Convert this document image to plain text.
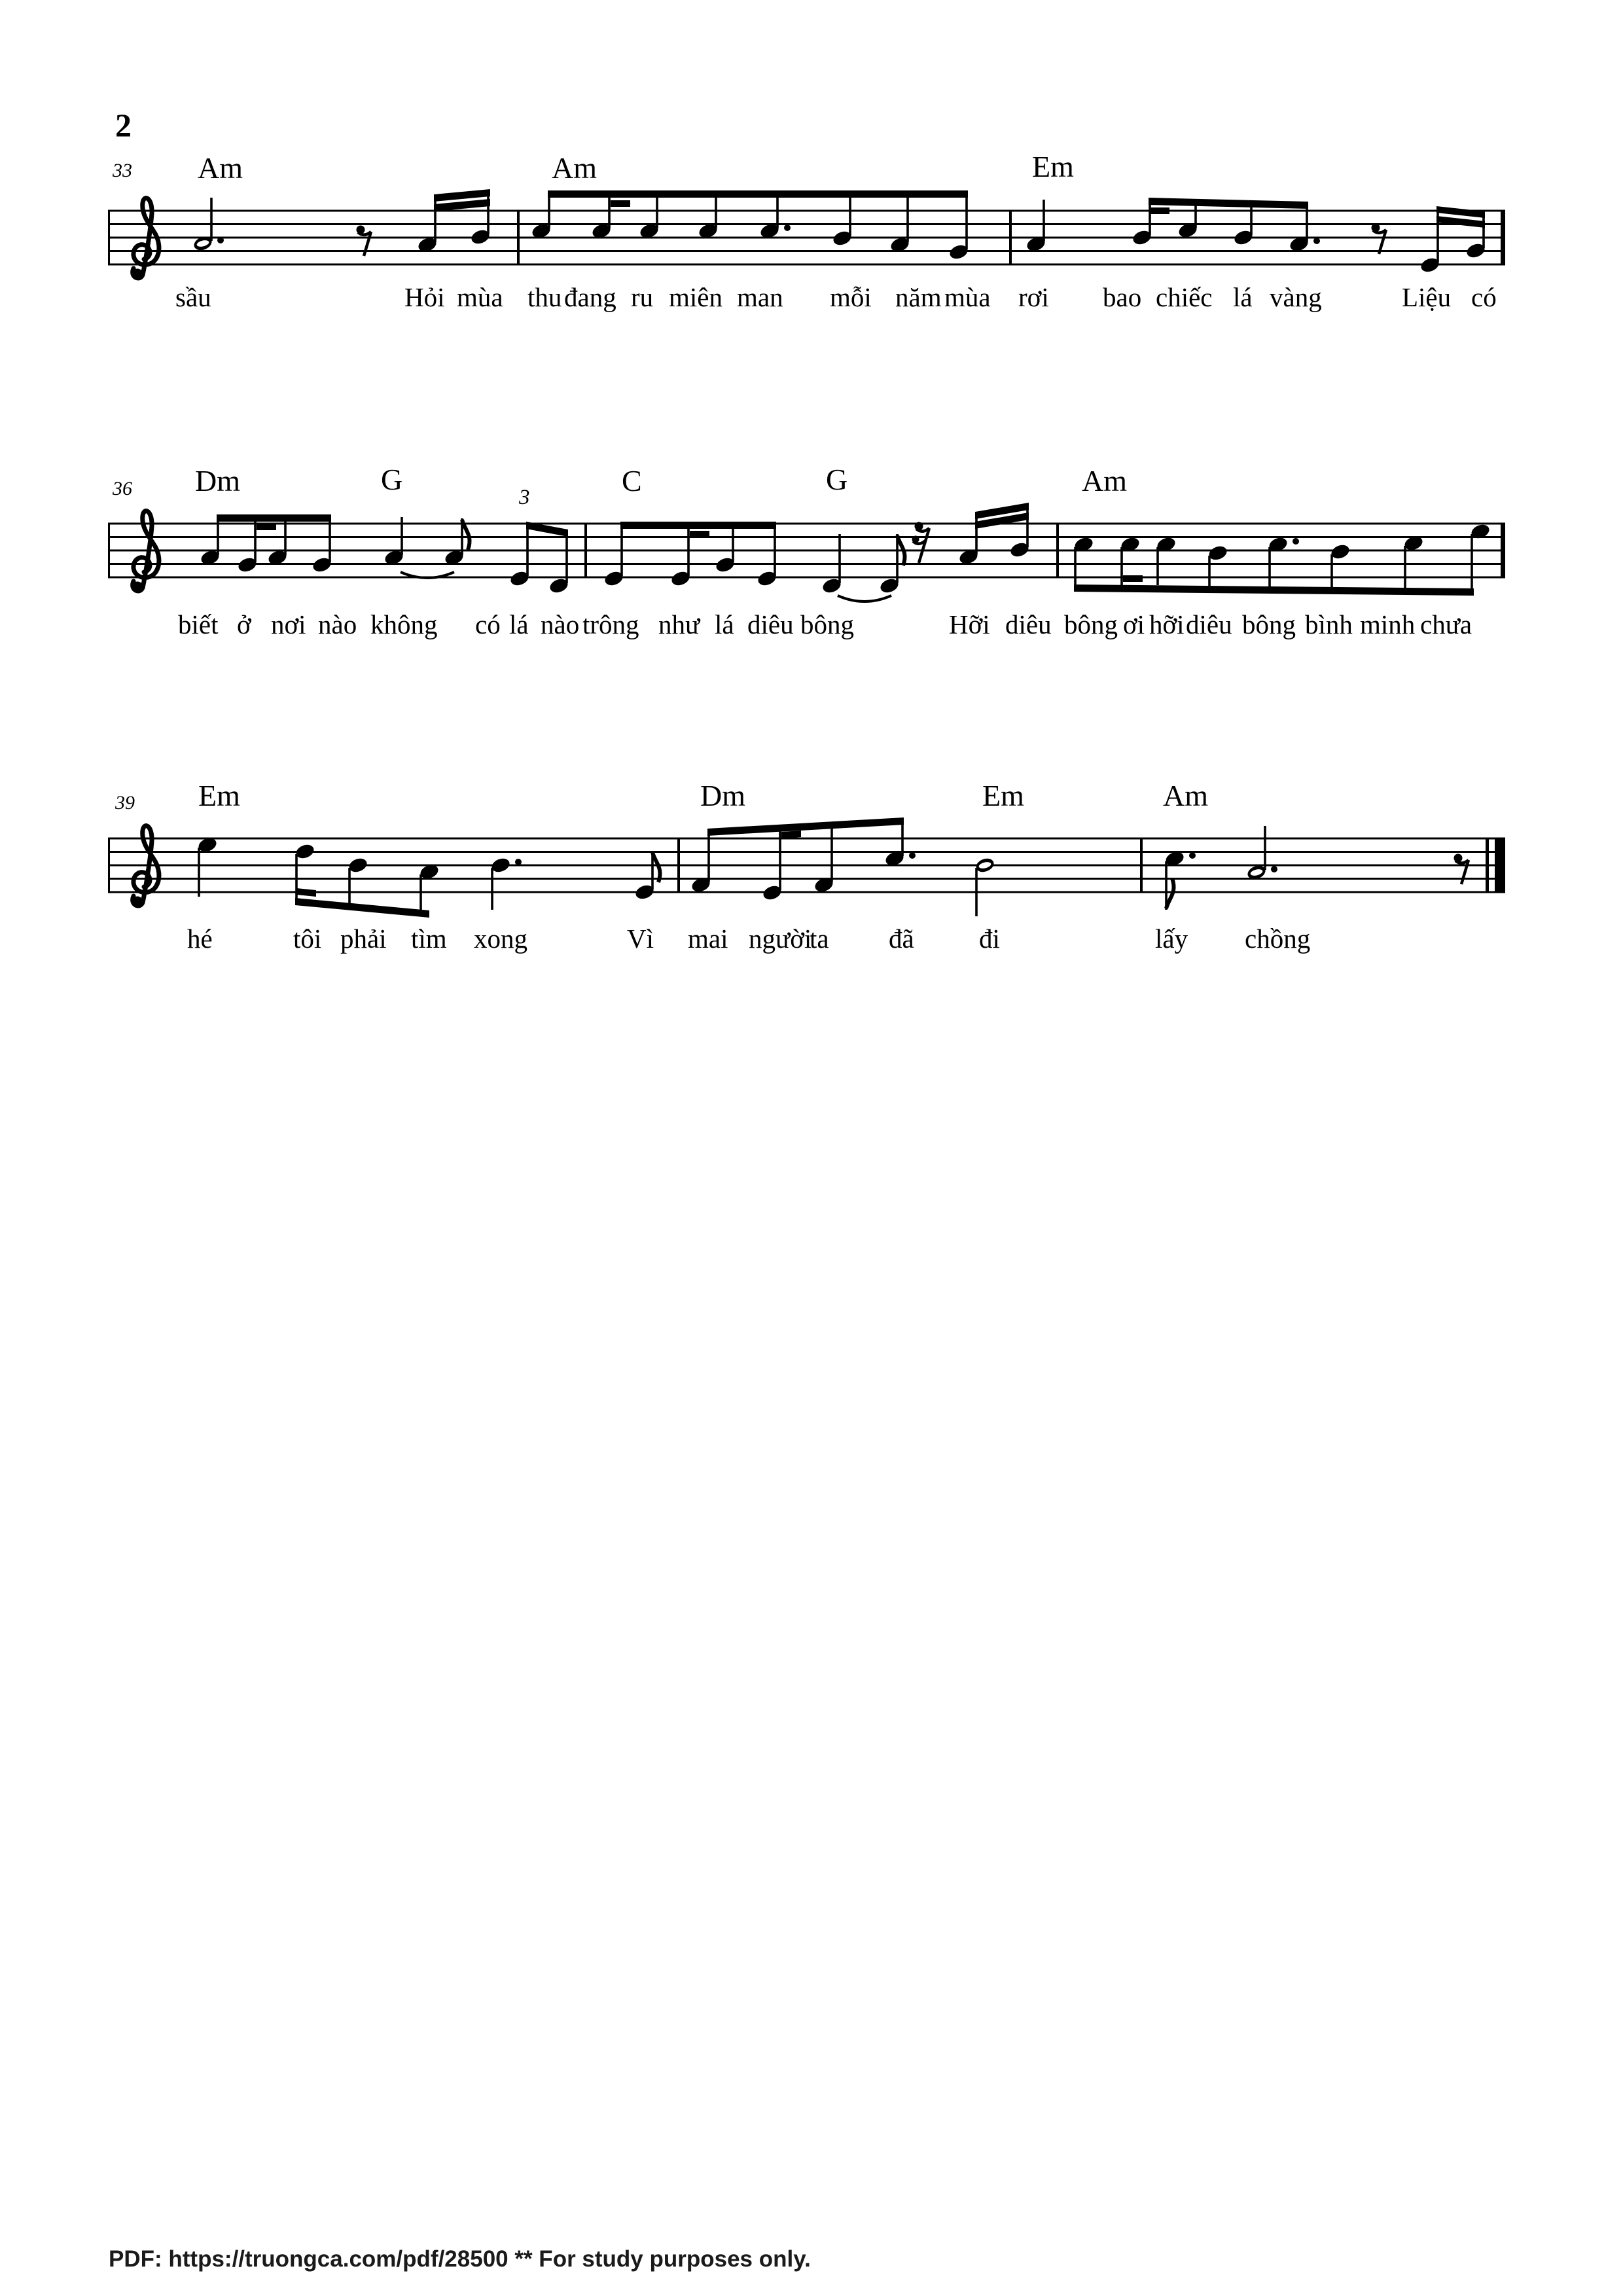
2
33 Am	Am	Em
sầu	Hỏi mùa thu đang ru miên man mỗi năm mùa rơi bao chiếc lá vàng	Liệu có
36 Dm	G	C	G	Am
biết ở nơi nào không có lá nào trông như lá diêu bông	Hỡi diêu bông ơi hỡi diêu bông bình minh chưa
3
39 Em	Dm	Em	Am
hé	tôi phải tìm xong	Vì mai người
ta đã đi	lấy chồng
PDF: https://truongca.com/pdf/28500 ** For study purposes only.
